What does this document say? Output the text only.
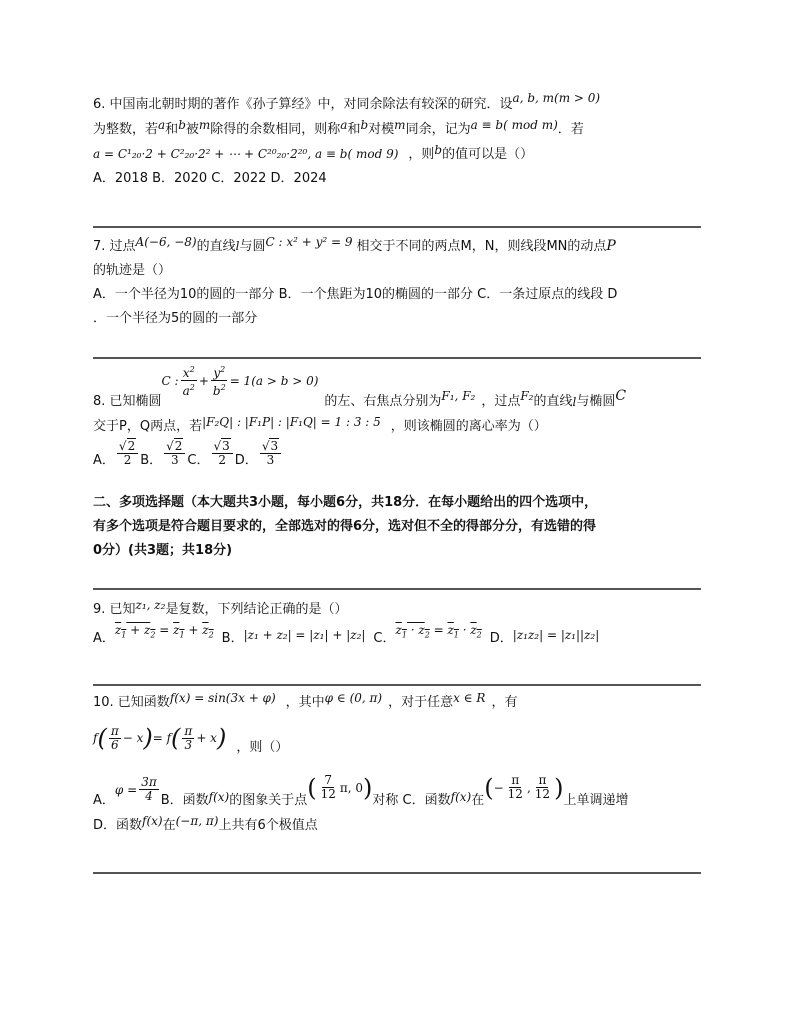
6. 中国南北朝时期的著作《孙子算经》中，对同余除法有较深的研究．设a, b, m(m > 0)
为整数，若a和b被m除得的余数相同，则称a和b对模m同余，记为a ≡ b( mod m)．若
a = C¹₂₀·2 + C²₂₀·2² + ⋯ + C²⁰₂₀·2²⁰, a ≡ b( mod 9) ，则b的值可以是（）
A．2018 B．2020 C．2022 D．2024
7. 过点A(−6, −8)的直线l与圆C : x² + y² = 9 相交于不同的两点M，N，则线段MN的动点P
的轨迹是（）
A．一个半径为10的圆的一部分 B．一个焦距为10的椭圆的一部分 C．一条过原点的线段 D
．一个半径为5的圆的一部分
8. 已知椭圆
C : $\frac{x^2}{a^2} + \frac{y^2}{b^2} = 1(a > b > 0)$
的左、右焦点分别为 F₁, F₂ ，过点 F₂ 的直线 l 与椭圆 C
交于P，Q两点，若|F₂Q| : |F₁P| : |F₁Q| = 1 : 3 : 5 ，则该椭圆的离心率为（）
A． $\frac{√2}{2}$ B． $\frac{√2}{3}$ C． $\frac{√3}{2}$ D． $\frac{√3}{3}$
二、多项选择题（本大题共3小题，每小题6分，共18分．在每小题给出的四个选项中，
有多个选项是符合题目要求的，全部选对的得6分，选对但不全的得部分分，有选错的得
0分）(共3题；共18分)
9. 已知z₁, z₂是复数，下列结论正确的是（）
A．
$z_1 + z_2 = z_1 + z_2$ B． |z₁ + z₂| = |z₁| + |z₂| C．
$z_1 \cdot z_2 = z_1 \cdot z_2$ D． |z₁z₂| = |z₁||z₂|
10. 已知函数f(x) = sin(3x + φ) ，其中φ ∈ (0, π) ，对于任意x ∈ R ，有
f ( $\frac{\pi}{6} - x$ ) = f ( $\frac{\pi}{3} + x$ ) ，则（）
A．
$\varphi = \frac{3\pi}{4}$ B．函数 f(x) 的图象关于点 ( $\frac{7}{12} \pi$, 0 ) 对称 C．函数 f(x) 在 ( − $\frac{\pi}{12}$ , $\frac{\pi}{12}$ ) 上单调递增
D．函数f(x)在(−π, π)上共有6个极值点
